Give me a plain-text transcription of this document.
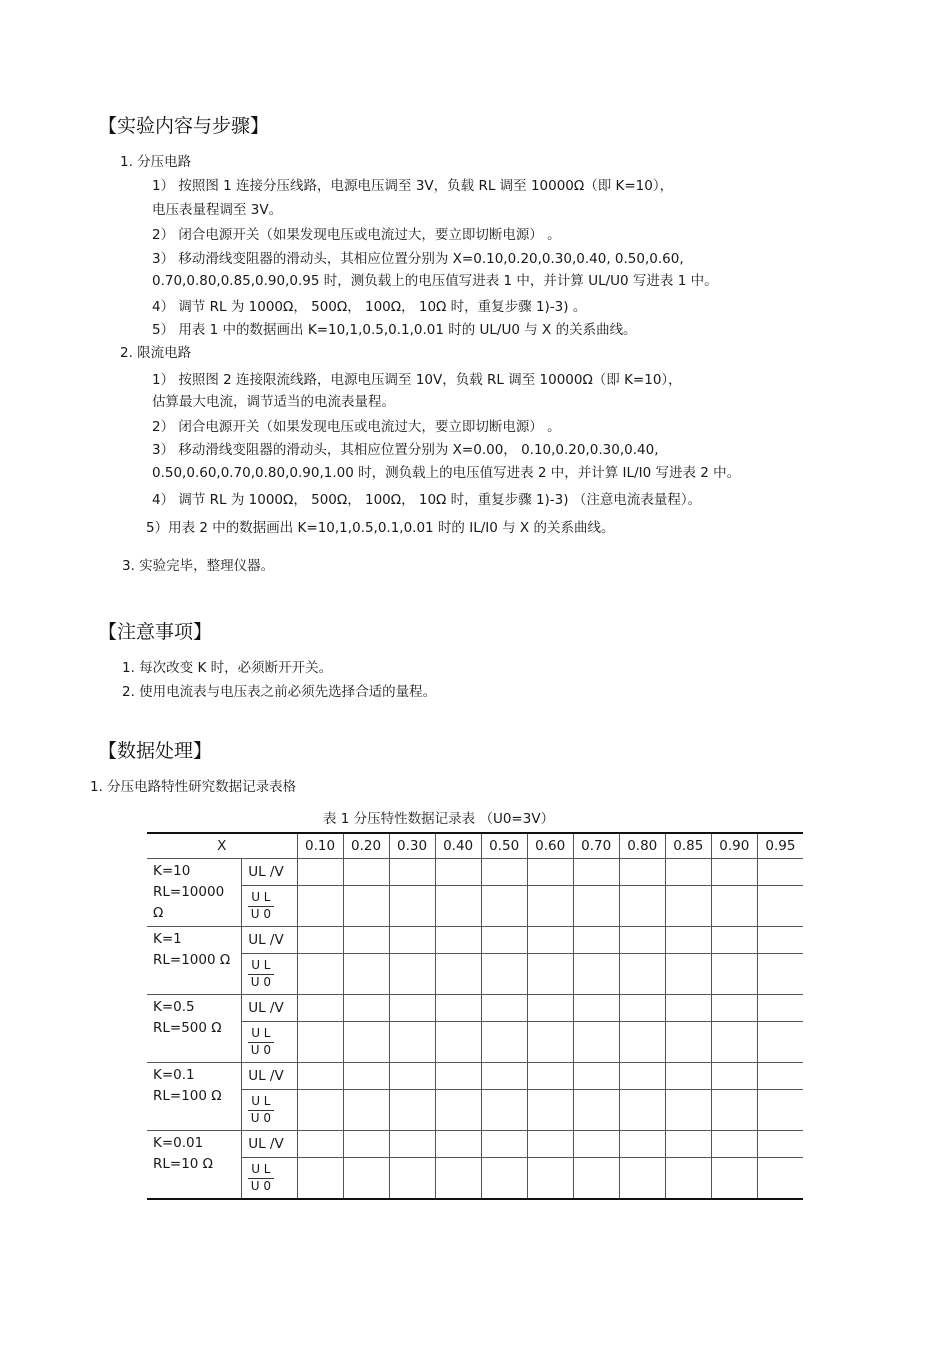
【实验内容与步骤】
1. 分压电路
1） 按照图 1 连接分压线路，电源电压调至 3V，负载 RL 调至 10000Ω（即 K=10），
电压表量程调至 3V。
2） 闭合电源开关（如果发现电压或电流过大，要立即切断电源） 。
3） 移动滑线变阻器的滑动头，其相应位置分别为 X=0.10,0.20,0.30,0.40, 0.50,0.60,
0.70,0.80,0.85,0.90,0.95 时，测负载上的电压值写进表 1 中，并计算 UL/U0 写进表 1 中。
4） 调节 RL 为 1000Ω， 500Ω， 100Ω， 10Ω 时，重复步骤 1)-3) 。
5） 用表 1 中的数据画出 K=10,1,0.5,0.1,0.01 时的 UL/U0 与 X 的关系曲线。
2. 限流电路
1） 按照图 2 连接限流线路，电源电压调至 10V，负载 RL 调至 10000Ω（即 K=10），
估算最大电流，调节适当的电流表量程。
2） 闭合电源开关（如果发现电压或电流过大，要立即切断电源） 。
3） 移动滑线变阻器的滑动头，其相应位置分别为 X=0.00， 0.10,0.20,0.30,0.40,
0.50,0.60,0.70,0.80,0.90,1.00 时，测负载上的电压值写进表 2 中，并计算 IL/I0 写进表 2 中。
4） 调节 RL 为 1000Ω， 500Ω， 100Ω， 10Ω 时，重复步骤 1)-3) （注意电流表量程）。
5）用表 2 中的数据画出 K=10,1,0.5,0.1,0.01 时的 IL/I0 与 X 的关系曲线。
3. 实验完毕，整理仪器。
【注意事项】
1. 每次改变 K 时，必须断开开关。
2. 使用电流表与电压表之前必须先选择合适的量程。
【数据处理】
1. 分压电路特性研究数据记录表格
表 1 分压特性数据记录表 （U0=3V）
X		0.10	0.20	0.30	0.40	0.50	0.60	0.70	0.80	0.85	0.90	0.95

K=10
RL=10000 Ω	UL /V											

	$\frac{\text{U L}}{U 0}$

K=1
RL=1000 Ω	UL /V											

	$\frac{\text{U L}}{U 0}$

K=0.5
RL=500 Ω	UL /V											

	$\frac{\text{U L}}{U 0}$

K=0.1
RL=100 Ω	UL /V											

	$\frac{\text{U L}}{U 0}$

K=0.01
RL=10 Ω	UL /V											

	$\frac{\text{U L}}{U 0}$
